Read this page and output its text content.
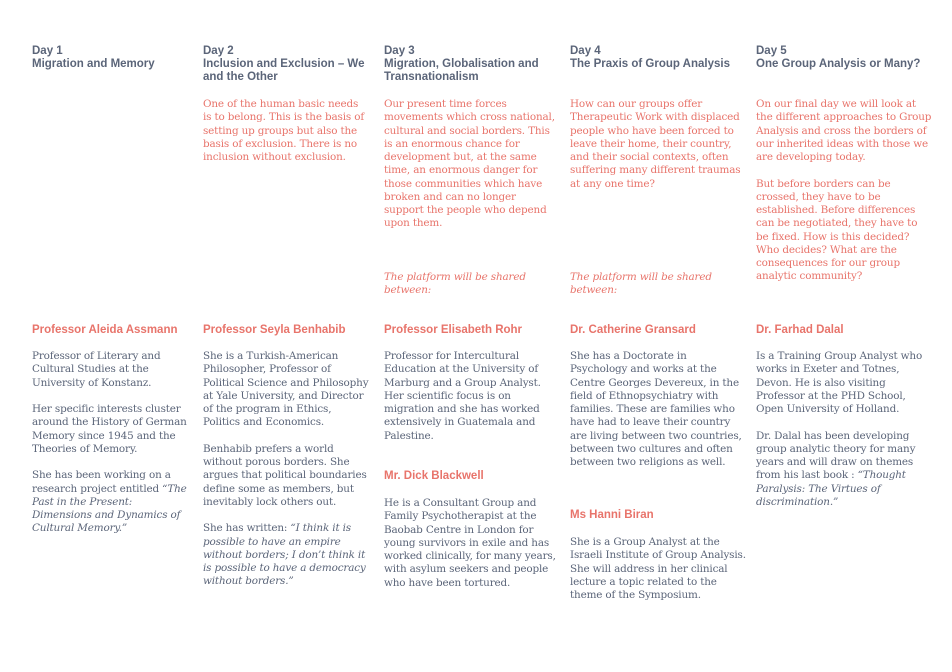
Day 1
Migration and Memory
Professor Aleida Assmann

Professor of Literary and Cultural Studies at the University of Konstanz.

Her specific interests cluster around the History of German Memory since 1945 and the Theories of Memory.

She has been working on a research project entitled “The Past in the Present: Dimensions and Dynamics of Cultural Memory.”

Day 2
Inclusion and Exclusion – We and the Other

One of the human basic needs is to belong. This is the basis of setting up groups but also the basis of exclusion. There is no inclusion without exclusion.

Professor Seyla Benhabib

She is a Turkish-American Philosopher, Professor of Political Science and Philosophy at Yale University, and Director of the program in Ethics, Politics and Economics.

Benhabib prefers a world without porous borders. She argues that political boundaries define some as members, but inevitably lock others out.

She has written: “I think it is possible to have an empire without borders; I don’t think it is possible to have a democracy without borders.”

Day 3
Migration, Globalisation and Transnationalism

Our present time forces movements which cross national, cultural and social borders. This is an enormous chance for development but, at the same time, an enormous danger for those communities which have broken and can no longer support the people who depend upon them.

The platform will be shared between:
Professor Elisabeth Rohr

Professor for Intercultural Education at the University of Marburg and a Group Analyst. Her scientific focus is on migration and she has worked extensively in Guatemala and Palestine.

Mr. Dick Blackwell

He is a Consultant Group and Family Psychotherapist at the Baobab Centre in London for young survivors in exile and has worked clinically, for many years, with asylum seekers and people who have been tortured.

Day 4
The Praxis of Group Analysis

How can our groups offer Therapeutic Work with displaced people who have been forced to leave their home, their country, and their social contexts, often suffering many different traumas at any one time?

The platform will be shared between:
Dr. Catherine Gransard

She has a Doctorate in Psychology and works at the Centre Georges Devereux, in the field of Ethnopsychiatry with families. These are families who have had to leave their country are living between two countries, between two cultures and often between two religions as well.

Ms Hanni Biran

She is a Group Analyst at the Israeli Institute of Group Analysis. She will address in her clinical lecture a topic related to the theme of the Symposium.

Day 5
One Group Analysis or Many?

On our final day we will look at the different approaches to Group Analysis and cross the borders of our inherited ideas with those we are developing today.

But before borders can be crossed, they have to be established. Before differences can be negotiated, they have to be fixed. How is this decided? Who decides? What are the consequences for our group analytic community?

Dr. Farhad Dalal

Is a Training Group Analyst who works in Exeter and Totnes, Devon. He is also visiting Professor at the PHD School, Open University of Holland.

Dr. Dalal has been developing group analytic theory for many years and will draw on themes from his last book : “Thought Paralysis: The Virtues of discrimination.”
